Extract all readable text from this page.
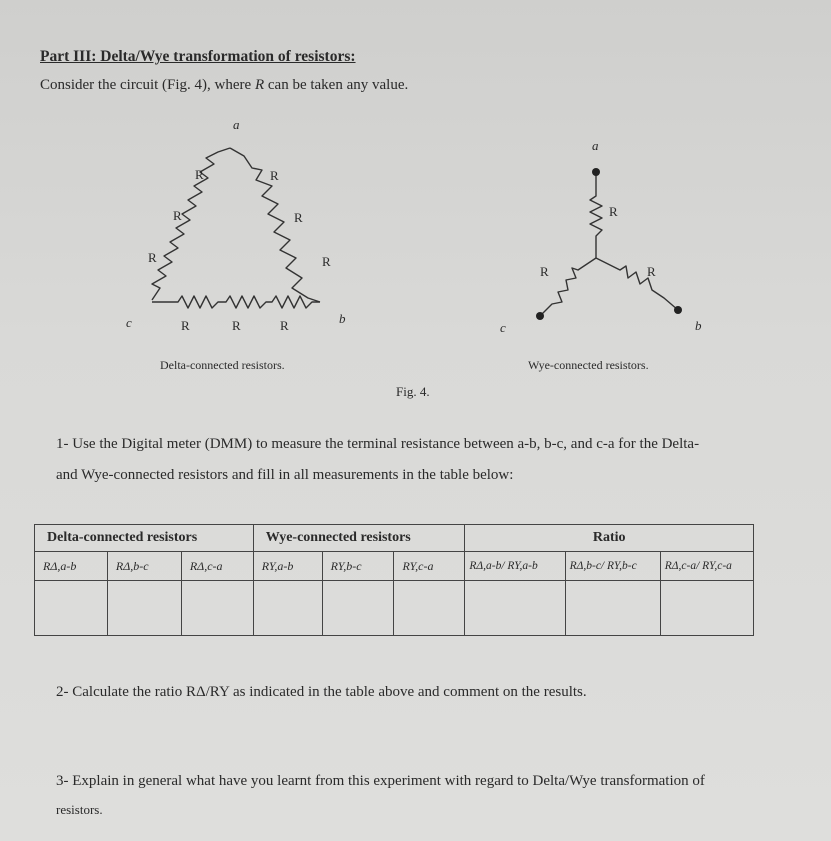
Part III: Delta/Wye transformation of resistors:
Consider the circuit (Fig. 4), where R can be taken any value.
a
c	b
R
R
R
R
R
R
R	R	R
Delta-connected resistors.
a
c	b
R
R	R
Wye-connected resistors.
Fig. 4.
1- Use the Digital meter (DMM) to measure the terminal resistance between a-b, b-c, and c-a for the Delta-
and Wye-connected resistors and fill in all measurements in the table below:
Delta-connected resistors			Wye-connected resistors			Ratio		
RΔ,a-b	RΔ,b-c	RΔ,c-a	RY,a-b	RY,b-c	RY,c-a	RΔ,a-b/ RY,a-b	RΔ,b-c/ RY,b-c	RΔ,c-a/ RY,c-a

2- Calculate the ratio RΔ/RY as indicated in the table above and comment on the results.
3- Explain in general what have you learnt from this experiment with regard to Delta/Wye transformation of
resistors.
